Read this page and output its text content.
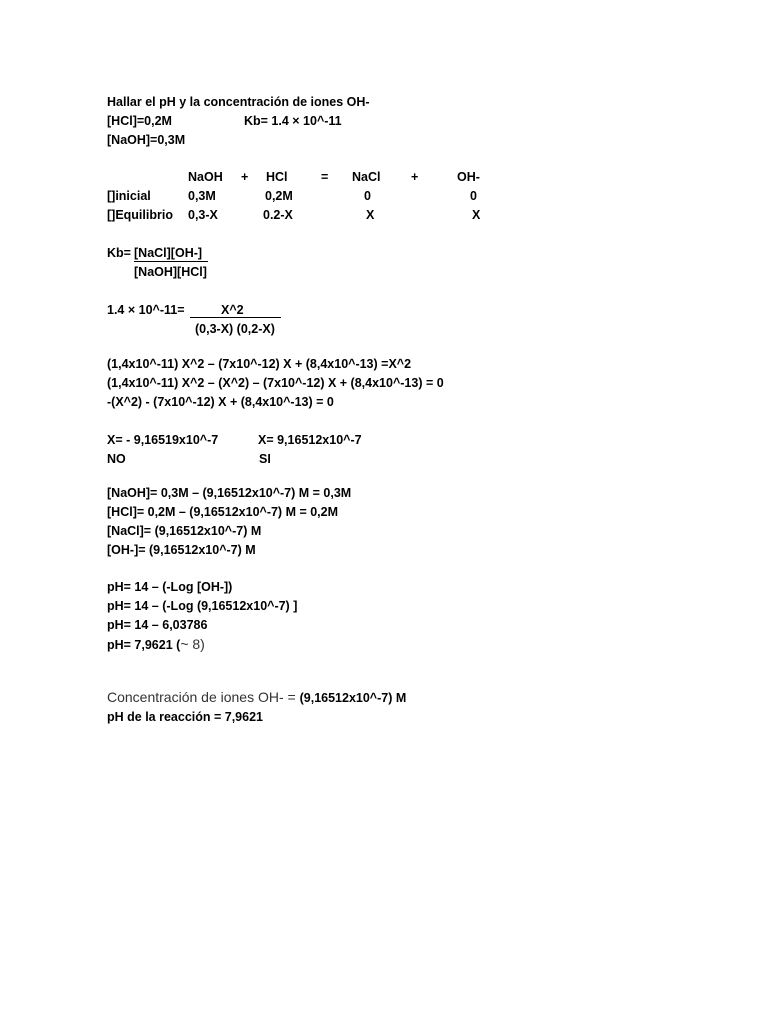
Hallar el pH y la concentración de iones OH-
[HCl]=0,2M	Kb= 1.4 × 10^-11
[NaOH]=0,3M
NaOH + HCl	= NaCl +	OH-
[]inicial	0,3M	0,2M	0	0
[]Equilibrio 0,3-X	0.2-X	X	X
Kb= [NaCl][OH-]
[NaOH][HCl]
1.4 × 10^-11=	X^2
(0,3-X) (0,2-X)
(1,4x10^-11) X^2 – (7x10^-12) X + (8,4x10^-13) =X^2
(1,4x10^-11) X^2 – (X^2) – (7x10^-12) X + (8,4x10^-13) = 0
-(X^2) - (7x10^-12) X + (8,4x10^-13) = 0
X= - 9,16519x10^-7	X= 9,16512x10^-7
NO	SI
[NaOH]= 0,3M – (9,16512x10^-7) M = 0,3M
[HCl]= 0,2M – (9,16512x10^-7) M = 0,2M
[NaCl]= (9,16512x10^-7) M
[OH-]= (9,16512x10^-7) M
pH= 14 – (-Log [OH-])
pH= 14 – (-Log (9,16512x10^-7) ]
pH= 14 – 6,03786
pH= 7,9621 (~ 8)
Concentración de iones OH- = (9,16512x10^-7) M
pH de la reacción = 7,9621
